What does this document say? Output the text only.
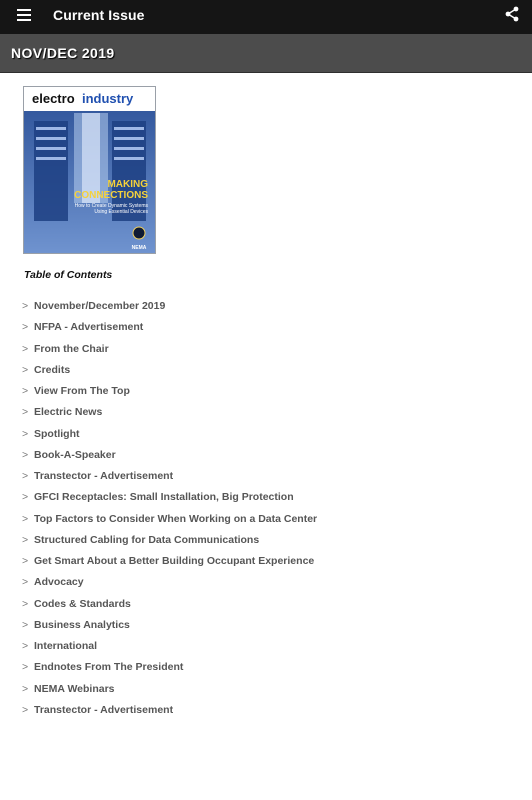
Current Issue
NOV/DEC 2019
electro industry
MAKING
CONNECTIONS
How to Create Dynamic Systems
Using Essential Devices
NEMA
Table of Contents
> November/December 2019
> NFPA - Advertisement
> From the Chair
> Credits
> View From The Top
> Electric News
> Spotlight
> Book-A-Speaker
> Transtector - Advertisement
> GFCI Receptacles: Small Installation, Big Protection
> Top Factors to Consider When Working on a Data Center
> Structured Cabling for Data Communications
> Get Smart About a Better Building Occupant Experience
> Advocacy
> Codes & Standards
> Business Analytics
> International
> Endnotes From The President
> NEMA Webinars
> Transtector - Advertisement
